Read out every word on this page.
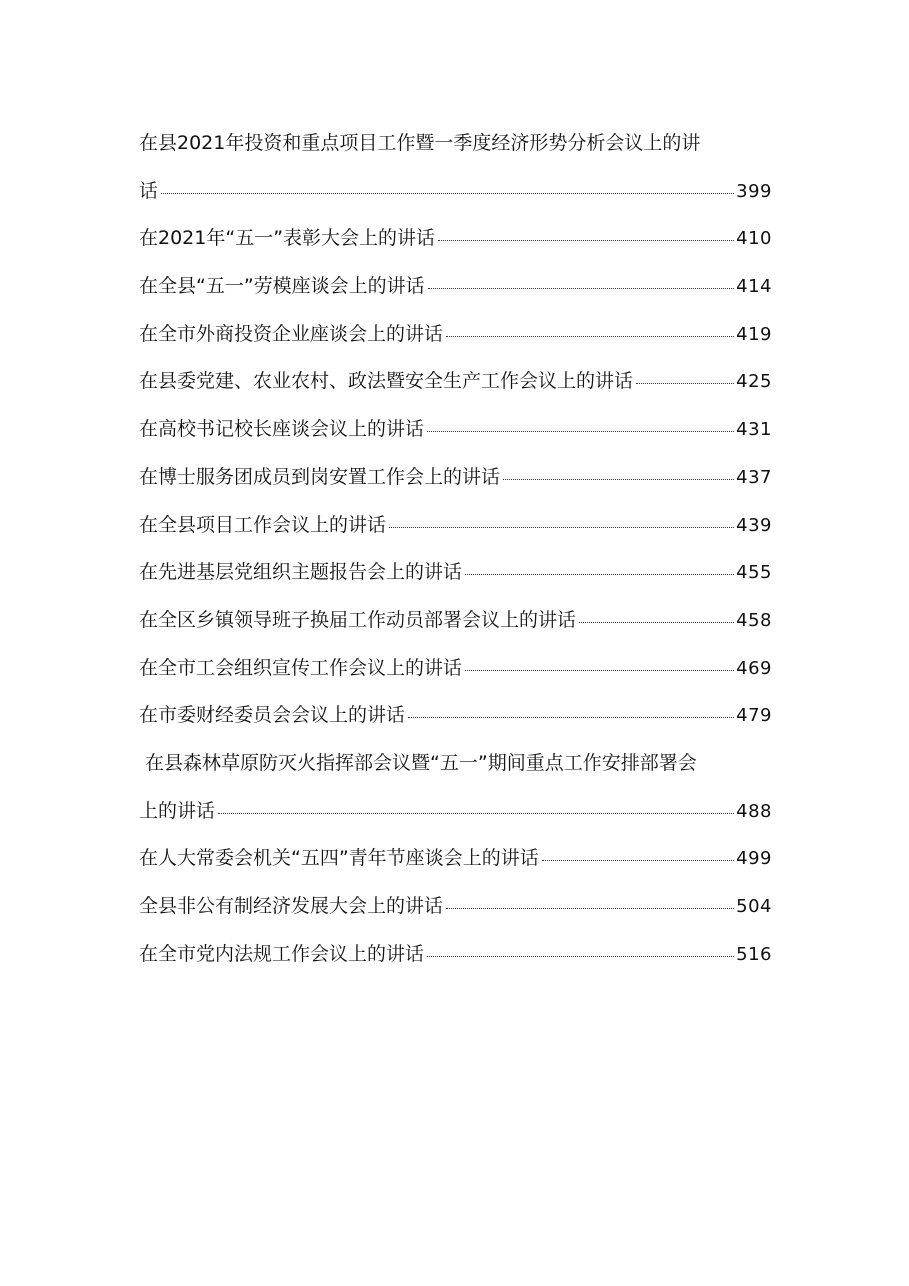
在县2021年投资和重点项目工作暨一季度经济形势分析会议上的讲
话	399
在2021年“五一”表彰大会上的讲话	410
在全县“五一”劳模座谈会上的讲话	414
在全市外商投资企业座谈会上的讲话	419
在县委党建、农业农村、政法暨安全生产工作会议上的讲话	425
在高校书记校长座谈会议上的讲话	431
在博士服务团成员到岗安置工作会上的讲话	437
在全县项目工作会议上的讲话	439
在先进基层党组织主题报告会上的讲话	455
在全区乡镇领导班子换届工作动员部署会议上的讲话	458
在全市工会组织宣传工作会议上的讲话	469
在市委财经委员会会议上的讲话	479
在县森林草原防灭火指挥部会议暨“五一”期间重点工作安排部署会
上的讲话	488
在人大常委会机关“五四”青年节座谈会上的讲话	499
全县非公有制经济发展大会上的讲话	504
在全市党内法规工作会议上的讲话	516
